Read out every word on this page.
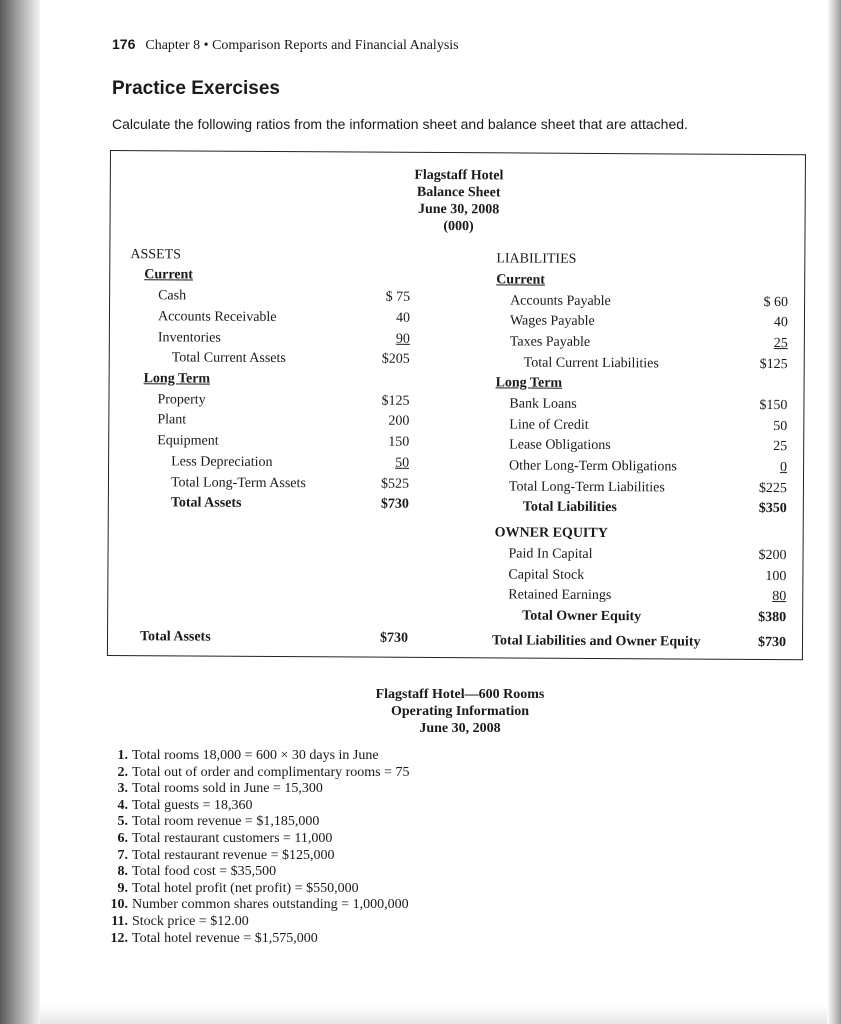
176 Chapter 8 • Comparison Reports and Financial Analysis
Practice Exercises
Calculate the following ratios from the information sheet and balance sheet that are attached.
Flagstaff Hotel
Balance Sheet
June 30, 2008
(000)
ASSETS
Current
Cash	$ 75
Accounts Receivable	40
Inventories	90
Total Current Assets	$205
Long Term
Property	$125
Plant	200
Equipment	150
Less Depreciation	50
Total Long-Term Assets	$525
Total Assets	$730
Total Assets	$730
LIABILITIES
Current
Accounts Payable	$ 60
Wages Payable	40
Taxes Payable	25
Total Current Liabilities	$125
Long Term
Bank Loans	$150
Line of Credit	50
Lease Obligations	25
Other Long-Term Obligations	0
Total Long-Term Liabilities	$225
Total Liabilities	$350
OWNER EQUITY
Paid In Capital	$200
Capital Stock	100
Retained Earnings	80
Total Owner Equity	$380
Total Liabilities and Owner Equity	$730
Flagstaff Hotel—600 Rooms
Operating Information
June 30, 2008
1. Total rooms 18,000 = 600 × 30 days in June
2. Total out of order and complimentary rooms = 75
3. Total rooms sold in June = 15,300
4. Total guests = 18,360
5. Total room revenue = $1,185,000
6. Total restaurant customers = 11,000
7. Total restaurant revenue = $125,000
8. Total food cost = $35,500
9. Total hotel profit (net profit) = $550,000
10. Number common shares outstanding = 1,000,000
11. Stock price = $12.00
12. Total hotel revenue = $1,575,000
